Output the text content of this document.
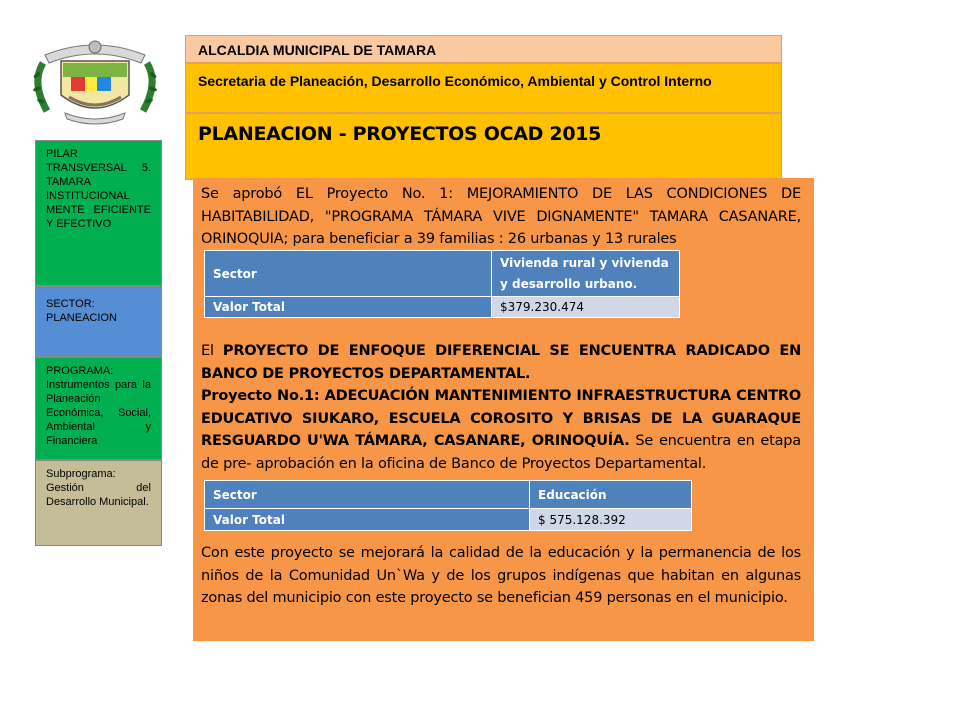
ALCALDIA MUNICIPAL DE TAMARA
Secretaria de Planeación, Desarrollo Económico, Ambiental y Control Interno
PLANEACION - PROYECTOS OCAD 2015
PILAR TRANSVERSAL 5. TAMARA INSTITUCIONAL MENTE EFICIENTE Y EFECTIVO
SECTOR: PLANEACION
PROGRAMA: Instrumentos para la Planeación Económica, Social, Ambiental y Financiera
Subprograma: Gestión del Desarrollo Municipal.
Se aprobó EL Proyecto No. 1: MEJORAMIENTO DE LAS CONDICIONES DE HABITABILIDAD, "PROGRAMA TÁMARA VIVE DIGNAMENTE" TAMARA CASANARE, ORINOQUIA; para beneficiar a 39 familias : 26 urbanas y 13 rurales
Sector	Vivienda rural y vivienda y desarrollo urbano.
Valor Total	$379.230.474
El PROYECTO DE ENFOQUE DIFERENCIAL SE ENCUENTRA RADICADO EN BANCO DE PROYECTOS DEPARTAMENTAL.
Proyecto No.1: ADECUACIÓN MANTENIMIENTO INFRAESTRUCTURA CENTRO EDUCATIVO SIUKARO, ESCUELA COROSITO Y BRISAS DE LA GUARAQUE RESGUARDO U'WA TÁMARA, CASANARE, ORINOQUÍA. Se encuentra en etapa de pre- aprobación en la oficina de Banco de Proyectos Departamental.
Sector	Educación
Valor Total	$ 575.128.392
Con este proyecto se mejorará la calidad de la educación y la permanencia de los niños de la Comunidad Un`Wa y de los grupos indígenas que habitan en algunas zonas del municipio con este proyecto se benefician 459 personas en el municipio.
